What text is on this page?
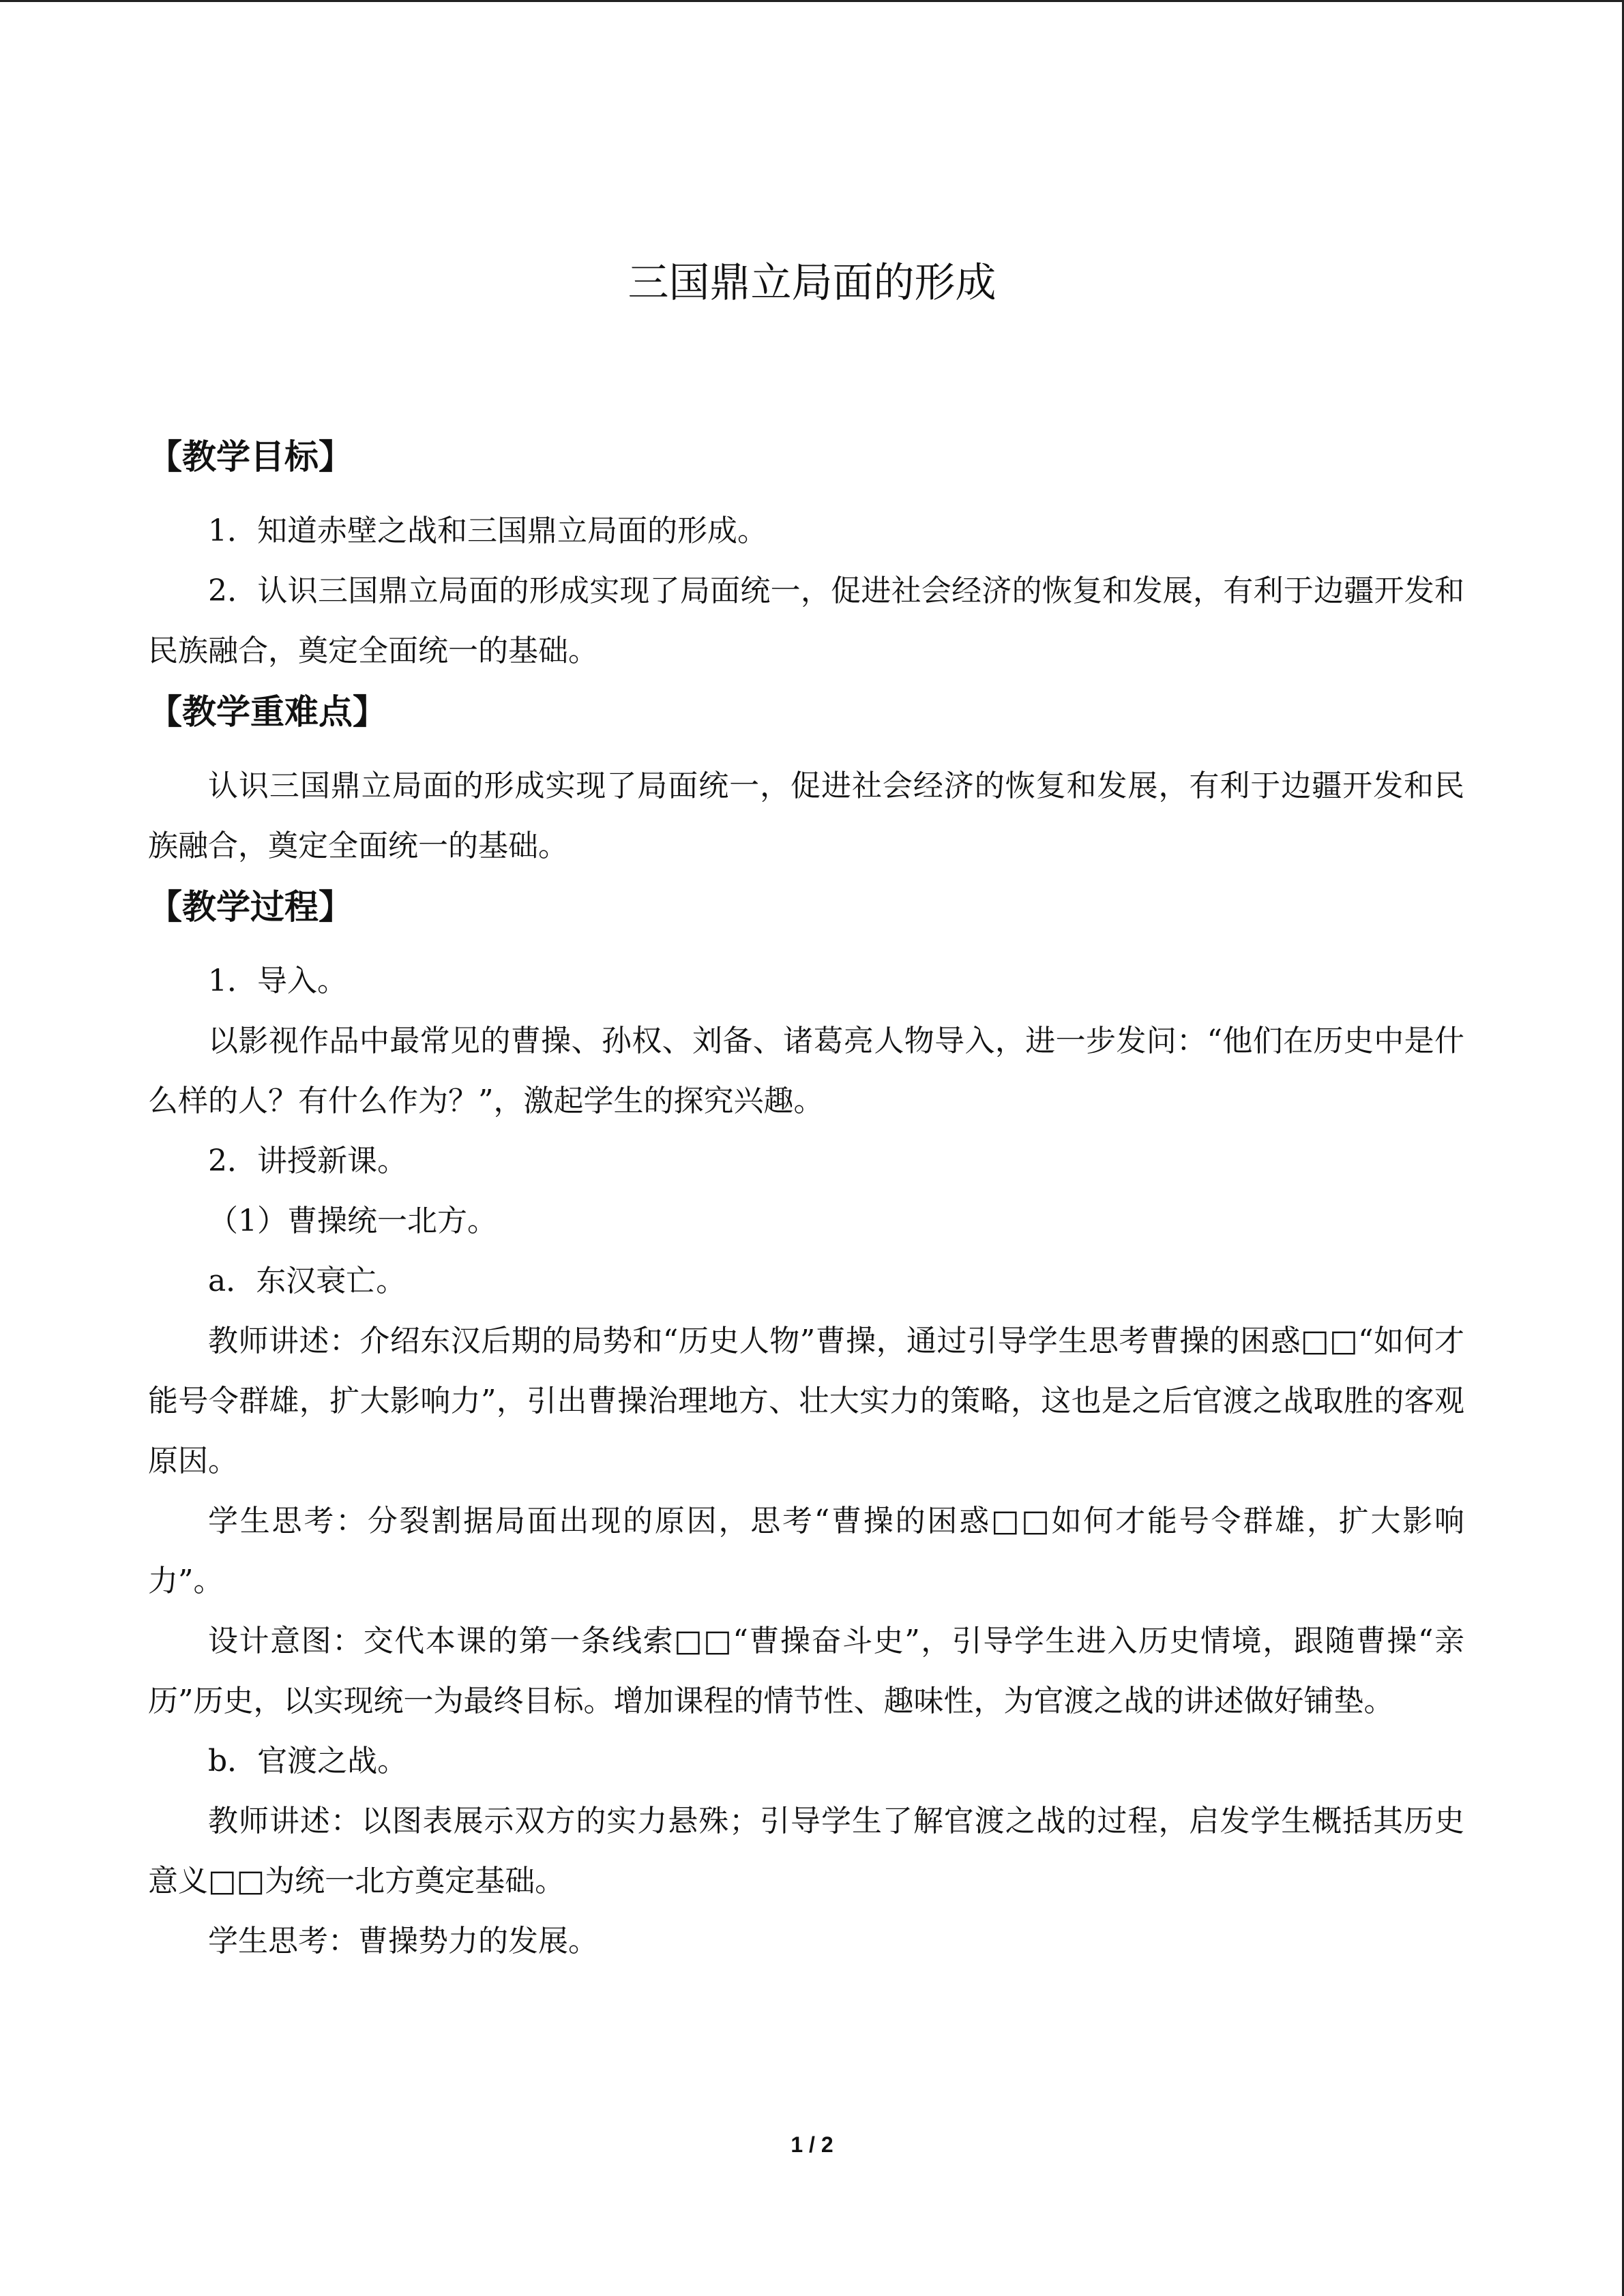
三国鼎立局面的形成
【教学目标】

1．知道赤壁之战和三国鼎立局面的形成。

2．认识三国鼎立局面的形成实现了局面统一，促进社会经济的恢复和发展，有利于边疆开发和民族融合，奠定全面统一的基础。

【教学重难点】

认识三国鼎立局面的形成实现了局面统一，促进社会经济的恢复和发展，有利于边疆开发和民族融合，奠定全面统一的基础。

【教学过程】

1．导入。

以影视作品中最常见的曹操、孙权、刘备、诸葛亮人物导入，进一步发问：“他们在历史中是什么样的人？有什么作为？”，激起学生的探究兴趣。

2．讲授新课。

（1）曹操统一北方。

a．东汉衰亡。

教师讲述：介绍东汉后期的局势和“历史人物”曹操，通过引导学生思考曹操的困惑□□“如何才能号令群雄，扩大影响力”，引出曹操治理地方、壮大实力的策略，这也是之后官渡之战取胜的客观原因。

学生思考：分裂割据局面出现的原因，思考“曹操的困惑□□如何才能号令群雄，扩大影响力”。

设计意图：交代本课的第一条线索□□“曹操奋斗史”，引导学生进入历史情境，跟随曹操“亲历”历史，以实现统一为最终目标。增加课程的情节性、趣味性，为官渡之战的讲述做好铺垫。

b．官渡之战。

教师讲述：以图表展示双方的实力悬殊；引导学生了解官渡之战的过程，启发学生概括其历史意义□□为统一北方奠定基础。

学生思考：曹操势力的发展。

1 / 2
